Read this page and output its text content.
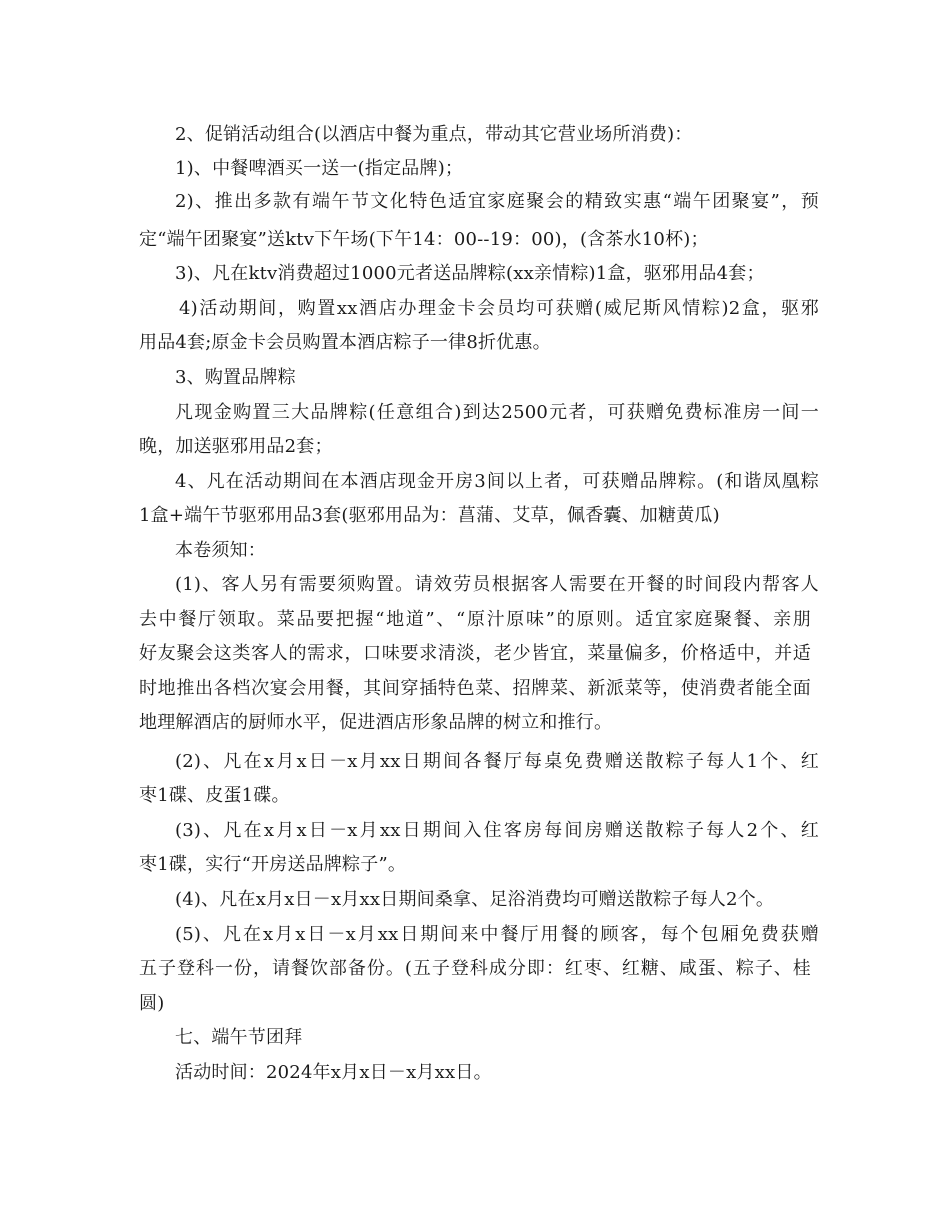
2、促销活动组合(以酒店中餐为重点，带动其它营业场所消费)：
1)、中餐啤酒买一送一(指定品牌)；
2)、推出多款有端午节文化特色适宜家庭聚会的精致实惠“端午团聚宴”，预
定“端午团聚宴”送ktv下午场(下午14：00--19：00)，(含茶水10杯)；
3)、凡在ktv消费超过1000元者送品牌粽(xx亲情粽)1盒，驱邪用品4套；
4)活动期间，购置xx酒店办理金卡会员均可获赠(威尼斯风情粽)2盒，驱邪
用品4套;原金卡会员购置本酒店粽子一律8折优惠。
3、购置品牌粽
凡现金购置三大品牌粽(任意组合)到达2500元者，可获赠免费标准房一间一
晚，加送驱邪用品2套；
4、凡在活动期间在本酒店现金开房3间以上者，可获赠品牌粽。(和谐凤凰粽
1盒+端午节驱邪用品3套(驱邪用品为：菖蒲、艾草，佩香囊、加糖黄瓜)
本卷须知：
(1)、客人另有需要须购置。请效劳员根据客人需要在开餐的时间段内帮客人
去中餐厅领取。菜品要把握“地道”、“原汁原味”的原则。适宜家庭聚餐、亲朋
好友聚会这类客人的需求，口味要求清淡，老少皆宜，菜量偏多，价格适中，并适
时地推出各档次宴会用餐，其间穿插特色菜、招牌菜、新派菜等，使消费者能全面
地理解酒店的厨师水平，促进酒店形象品牌的树立和推行。
(2)、凡在x月x日－x月xx日期间各餐厅每桌免费赠送散粽子每人1个、红
枣1碟、皮蛋1碟。
(3)、凡在x月x日－x月xx日期间入住客房每间房赠送散粽子每人2个、红
枣1碟，实行“开房送品牌粽子”。
(4)、凡在x月x日－x月xx日期间桑拿、足浴消费均可赠送散粽子每人2个。
(5)、凡在x月x日－x月xx日期间来中餐厅用餐的顾客，每个包厢免费获赠
五子登科一份，请餐饮部备份。(五子登科成分即：红枣、红糖、咸蛋、粽子、桂
圆)
七、端午节团拜
活动时间：2024年x月x日－x月xx日。
